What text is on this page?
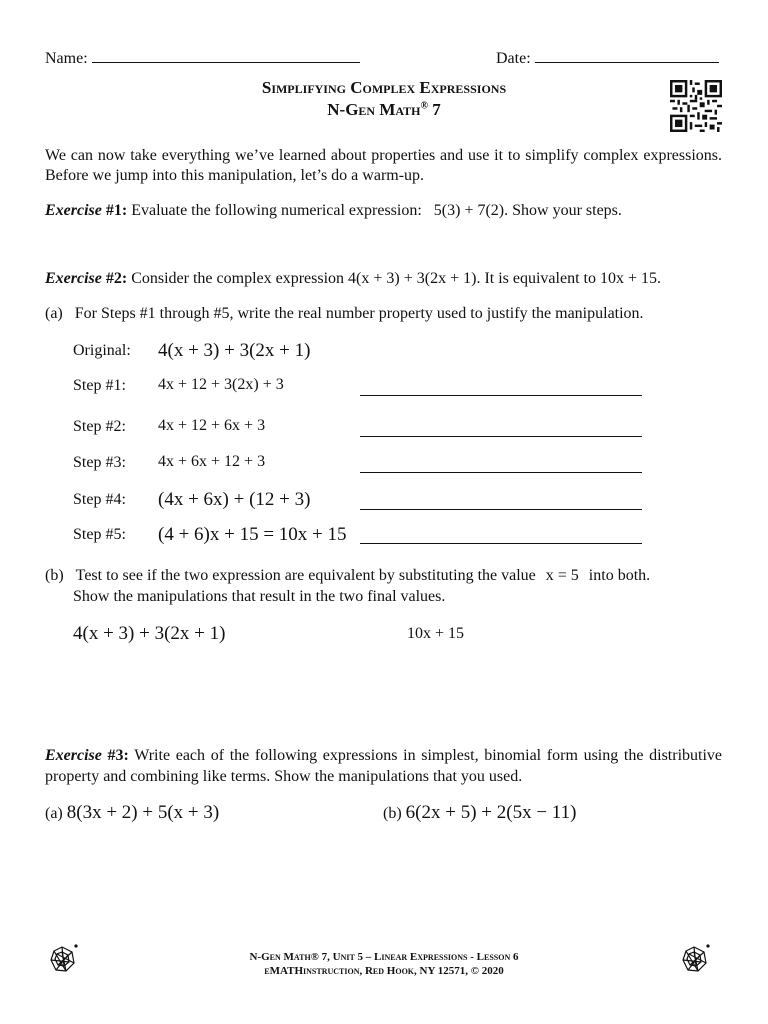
Name:	Date:
Simplifying Complex Expressions
N-Gen Math® 7
We can now take everything we’ve learned about properties and use it to simplify complex expressions. Before we jump into this manipulation, let’s do a warm-up.
Exercise #1: Evaluate the following numerical expression: 5(3) + 7(2). Show your steps.
Exercise #2: Consider the complex expression 4(x + 3) + 3(2x + 1). It is equivalent to 10x + 15.
(a) For Steps #1 through #5, write the real number property used to justify the manipulation.
Original: 4(x + 3) + 3(2x + 1)
Step #1: 4x + 12 + 3(2x) + 3
Step #2: 4x + 12 + 6x + 3
Step #3: 4x + 6x + 12 + 3
Step #4: (4x + 6x) + (12 + 3)
Step #5: (4 + 6)x + 15 = 10x + 15
(b) Test to see if the two expression are equivalent by substituting the value x = 5 into both.
Show the manipulations that result in the two final values.
4(x + 3) + 3(2x + 1)	10x + 15
Exercise #3: Write each of the following expressions in simplest, binomial form using the distributive property and combining like terms. Show the manipulations that you used.
(a) 8(3x + 2) + 5(x + 3)	(b) 6(2x + 5) + 2(5x − 11)
N-Gen Math® 7, Unit 5 – Linear Expressions - Lesson 6
eMATHinstruction, Red Hook, NY 12571, © 2020
